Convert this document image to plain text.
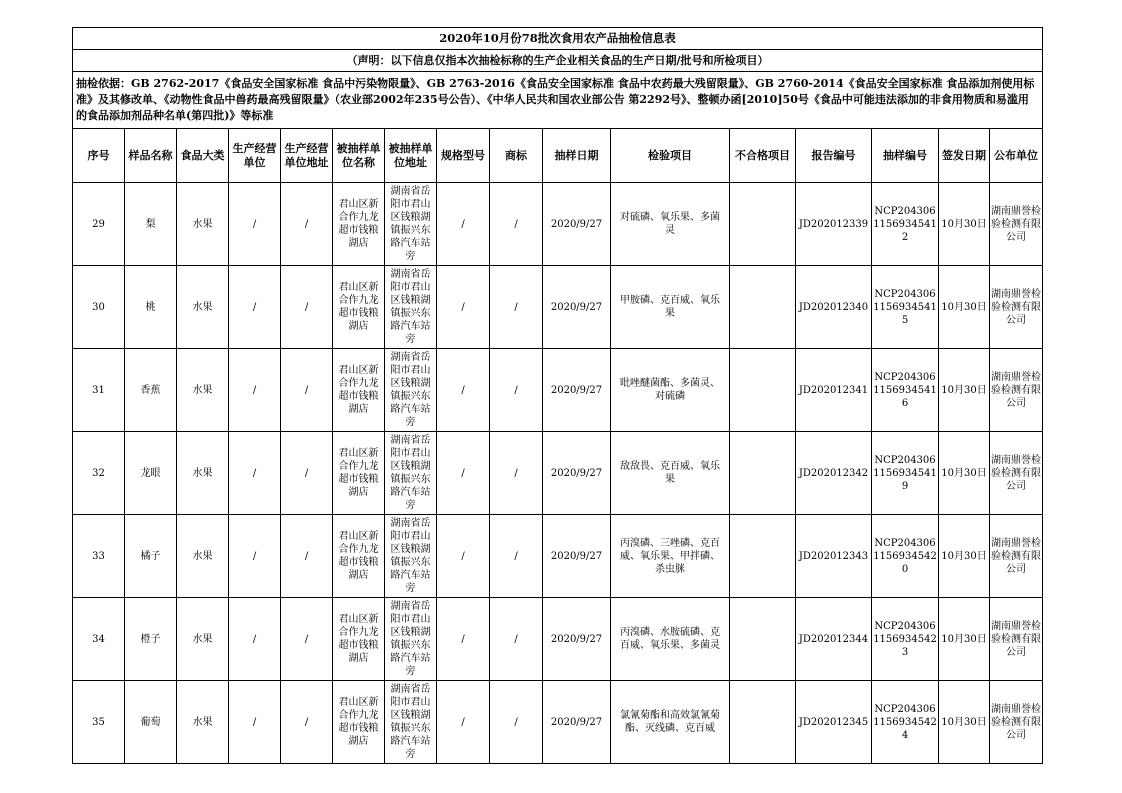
2020年10月份78批次食用农产品抽检信息表															
（声明：以下信息仅指本次抽检标称的生产企业相关食品的生产日期/批号和所检项目）															
抽检依据：GB 2762-2017《食品安全国家标准 食品中污染物限量》、GB 2763-2016《食品安全国家标准 食品中农药最大残留限量》、GB 2760-2014《食品安全国家标准 食品添加剂使用标准》及其修改单、《动物性食品中兽药最高残留限量》（农业部2002年235号公告）、《中华人民共和国农业部公告 第2292号》、整顿办函[2010]50号《食品中可能违法添加的非食用物质和易滥用的食品添加剂品种名单(第四批)》等标准															
序号	样品名称	食品大类	生产经营单位	生产经营单位地址	被抽样单位名称	被抽样单位地址	规格型号	商标	抽样日期	检验项目	不合格项目	报告编号	抽样编号	签发日期	公布单位
29	梨	水果	/	/	君山区新合作九龙超市钱粮湖店	湖南省岳阳市君山区钱粮湖镇振兴东路汽车站旁	/	/	2020/9/27	对硫磷、氧乐果、多菌灵		JD202012339	NCP20430611569345412	10月30日	湖南鼎誉检验检测有限公司
30	桃	水果	/	/	君山区新合作九龙超市钱粮湖店	湖南省岳阳市君山区钱粮湖镇振兴东路汽车站旁	/	/	2020/9/27	甲胺磷、克百威、氧乐果		JD202012340	NCP20430611569345415	10月30日	湖南鼎誉检验检测有限公司
31	香蕉	水果	/	/	君山区新合作九龙超市钱粮湖店	湖南省岳阳市君山区钱粮湖镇振兴东路汽车站旁	/	/	2020/9/27	吡唑醚菌酯、多菌灵、对硫磷		JD202012341	NCP20430611569345416	10月30日	湖南鼎誉检验检测有限公司
32	龙眼	水果	/	/	君山区新合作九龙超市钱粮湖店	湖南省岳阳市君山区钱粮湖镇振兴东路汽车站旁	/	/	2020/9/27	敌敌畏、克百威、氧乐果		JD202012342	NCP20430611569345419	10月30日	湖南鼎誉检验检测有限公司
33	橘子	水果	/	/	君山区新合作九龙超市钱粮湖店	湖南省岳阳市君山区钱粮湖镇振兴东路汽车站旁	/	/	2020/9/27	丙溴磷、三唑磷、克百威、氧乐果、甲拌磷、杀虫脒		JD202012343	NCP20430611569345420	10月30日	湖南鼎誉检验检测有限公司
34	橙子	水果	/	/	君山区新合作九龙超市钱粮湖店	湖南省岳阳市君山区钱粮湖镇振兴东路汽车站旁	/	/	2020/9/27	丙溴磷、水胺硫磷、克百威、氧乐果、多菌灵		JD202012344	NCP20430611569345423	10月30日	湖南鼎誉检验检测有限公司
35	葡萄	水果	/	/	君山区新合作九龙超市钱粮湖店	湖南省岳阳市君山区钱粮湖镇振兴东路汽车站旁	/	/	2020/9/27	氯氰菊酯和高效氯氰菊酯、灭线磷、克百威		JD202012345	NCP20430611569345424	10月30日	湖南鼎誉检验检测有限公司
